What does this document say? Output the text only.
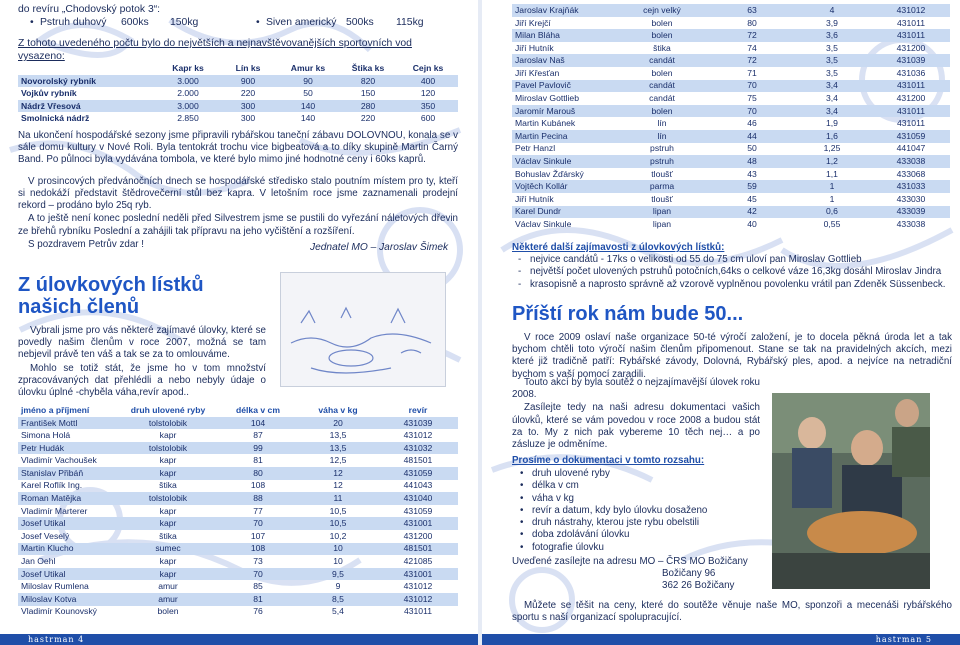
do revíru „Chodovský potok 3“:
• Pstruh duhový 600ks 150kg	• Siven americký 500ks 115kg
Z tohoto uvedeného počtu bylo do největších a nejnavštěvovanějších sportovních vod vysazeno:
	Kapr ks	Lín ks	Amur ks	Štika ks	Cejn ks
Novorolský rybník	3.000	900	90	820	400
Vojkův rybník	2.000	220	50	150	120
Nádrž Vřesová	3.000	300	140	280	350
Smolnická nádrž	2.850	300	140	220	600

Na ukončení hospodářské sezony jsme připravili rybářskou taneční zábavu DOLOVNOU, konala se v sále domu kultury v Nové Roli. Byla tentokrát trochu vice bigbeatová a to díky skupině Martin Čarný Band. Po půlnoci byla vydávána tombola, ve které bylo mimo jiné hodnotné ceny i 60ks kaprů.

V prosincových předvánočních dnech se hospodářské středisko stalo poutním místem pro ty, kteří si nedokáží představit štědrovečerní stůl bez kapra. V letošním roce jsme zaznamenali prodejní rekord – prodáno bylo 25q ryb.

A to ještě není konec poslední neděli před Silvestrem jsme se pustili do vyřezání náletových dřevin ze břehů rybníku Poslední a zahájili tak přípravu na jeho vyčištění a rozšíření.

S pozdravem Petrův zdar !	Jednatel MO – Jaroslav Šimek
Z úlovkových lístků našich členů

Vybrali jsme pro vás některé zajímavé úlovky, které se povedly našim členům v roce 2007, možná se tam nebjevil právě ten váš a tak se za to omlouváme.

Mohlo se totiž stát, že jsme ho v tom množství zpracovávaných dat přehlédli a nebo nebyly údaje o úlovku úplné -chyběla váha,revír apod..

jméno a příjmení	druh ulovené ryby	délka v cm	váha v kg	revír
František Mottl	tolstolobik	104	20	431039
Simona Holá	kapr	87	13,5	431012
Petr Hudák	tolstolobik	99	13,5	431032
Vladimír Vachoušek	kapr	81	12,5	481501
Stanislav Přibáň	kapr	80	12	431059
Karel Roflík Ing.	štika	108	12	441043
Roman Matějka	tolstolobik	88	11	431040
Vladimír Marterer	kapr	77	10,5	431059
Josef Utikal	kapr	70	10,5	431001
Josef Veselý	štika	107	10,2	431200
Martin Klucho	sumec	108	10	481501
Jan Oehl	kapr	73	10	421085
Josef Utikal	kapr	70	9,5	431001
Miloslav Rumlena	amur	85	9	431012
Miloslav Kotva	amur	81	8,5	431012
Vladimír Kounovský	bolen	76	5,4	431011
hastrman 4
Jaroslav Krajňák	cejn velký	63	4	431012
Jiří Krejčí	bolen	80	3,9	431011
Milan Bláha	bolen	72	3,6	431011
Jiří Hutník	štika	74	3,5	431200
Jaroslav Naš	candát	72	3,5	431039
Jiří Křesťan	bolen	71	3,5	431036
Pavel Pavlovič	candát	70	3,4	431011
Miroslav Gottlieb	candát	75	3,4	431200
Jaromír Marouš	bolen	70	3,4	431011
Martin Kubánek	lín	46	1,9	431011
Martin Pecina	lín	44	1,6	431059
Petr Hanzl	pstruh	50	1,25	441047
Václav Sinkule	pstruh	48	1,2	433038
Bohuslav Žďárský	tloušť	43	1,1	433068
Vojtěch Kollár	parma	59	1	431033
Jiří Hutník	tloušť	45	1	433030
Karel Dundr	lipan	42	0,6	433039
Václav Sinkule	lipan	40	0,55	433038
Některé další zajímavosti z úlovkových lístků:
- nejvice candátů - 17ks o velikosti od 55 do 75 cm uloví pan Miroslav Gottlieb
- největší počet ulovených pstruhů potočních,64ks o celkové váze 16,3kg dosáhl Miroslav Jindra
- krasopisně a naprosto správně až vzorově vyplněnou povolenku vrátil pan Zdeněk Süssenbeck.
Příští rok nám bude 50...

V roce 2009 oslaví naše organizace 50-té výročí založení, je to docela pěkná úroda let a tak bychom chtěli toto výročí našim členům připomenout. Stane se tak na pravidelných akcích, mezi které již tradičně patří: Rybářské závody, Dolovná, Rybářský ples, apod. a nejvíce na netradiční bychom s vaší pomocí zaradili.

Touto akcí by byla soutěž o nejzajímavější úlovek roku 2008.

Zasílejte tedy na naši adresu dokumentaci vašich úlovků, které se vám povedou v roce 2008 a budou stát za to. My z nich pak vybereme 10 těch nej… a po zásluze je odměníme.

Prosíme o dokumentaci v tomto rozsahu:
• druh ulovené ryby
• délka v cm
• váha v kg
• revír a datum, kdy bylo úlovku dosaženo
• druh nástrahy, kterou jste rybu obelstili
• doba zdolávání úlovku
• fotografie úlovku
Uveďené zasílejte na adresu MO – ČRS MO Božičany
Božičany 96
362 26 Božičany
Můžete se těšit na ceny, které do soutěže věnuje naše MO, sponzoři a mecenáši rybářského sportu s naší organizací spolupracující.
hastrman 5
